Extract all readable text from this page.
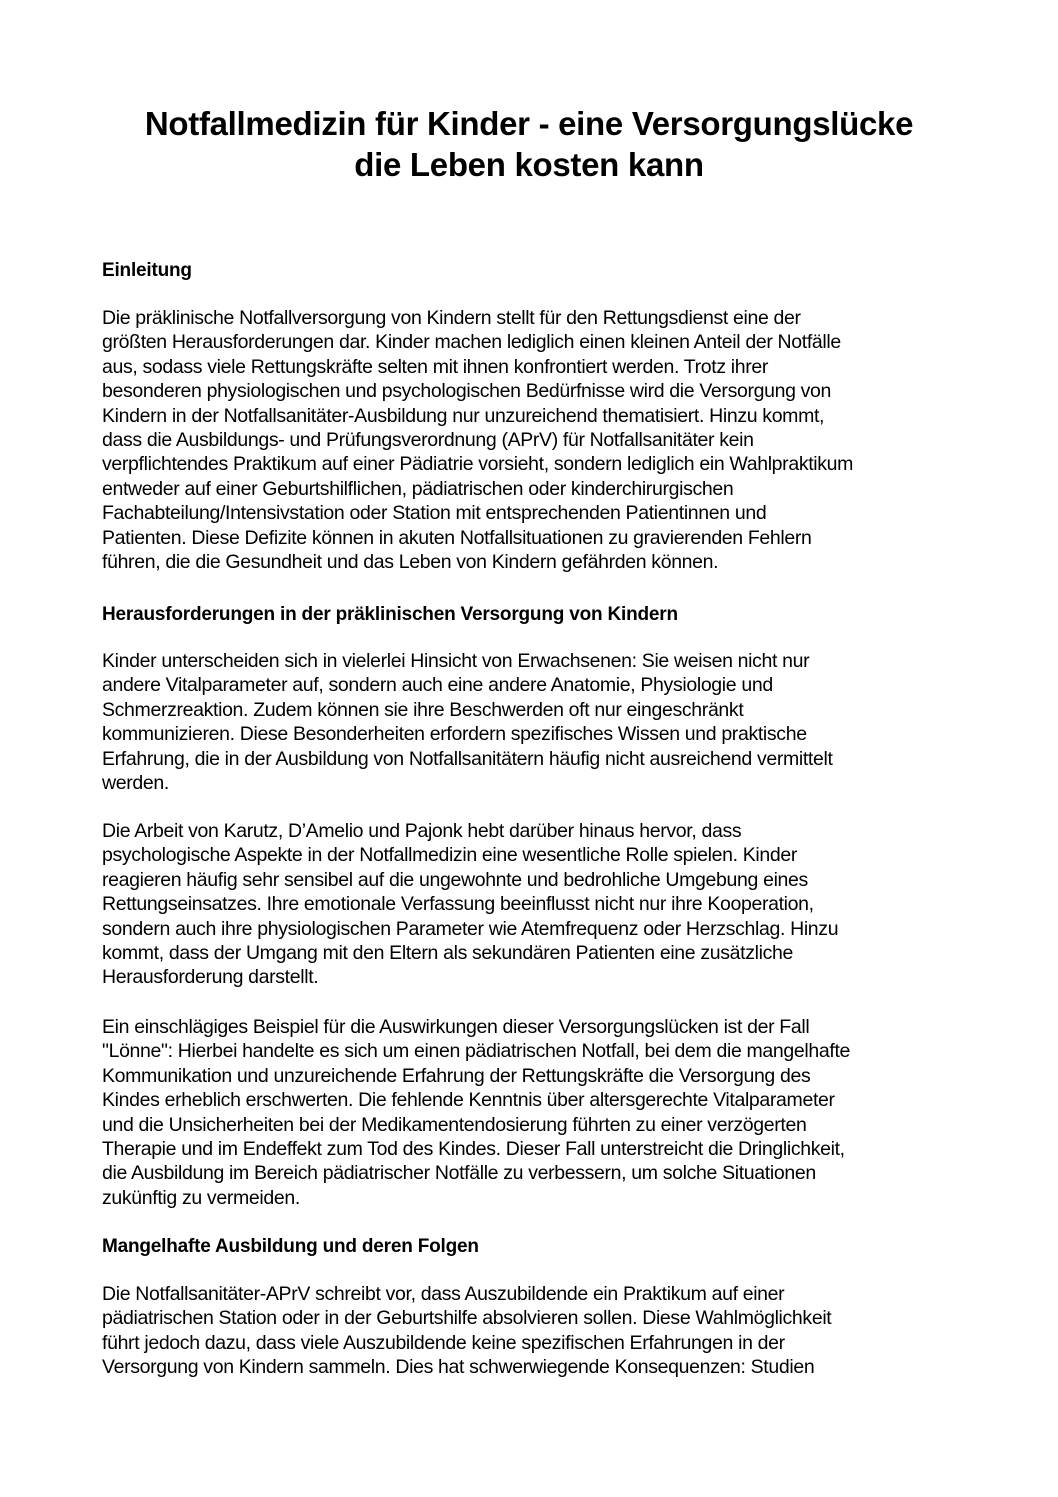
Notfallmedizin für Kinder - eine Versorgungslücke
die Leben kosten kann
Einleitung

Die präklinische Notfallversorgung von Kindern stellt für den Rettungsdienst eine der
größten Herausforderungen dar. Kinder machen lediglich einen kleinen Anteil der Notfälle
aus, sodass viele Rettungskräfte selten mit ihnen konfrontiert werden. Trotz ihrer
besonderen physiologischen und psychologischen Bedürfnisse wird die Versorgung von
Kindern in der Notfallsanitäter-Ausbildung nur unzureichend thematisiert. Hinzu kommt,
dass die Ausbildungs- und Prüfungsverordnung (APrV) für Notfallsanitäter kein
verpflichtendes Praktikum auf einer Pädiatrie vorsieht, sondern lediglich ein Wahlpraktikum
entweder auf einer Geburtshilflichen, pädiatrischen oder kinderchirurgischen
Fachabteilung/Intensivstation oder Station mit entsprechenden Patientinnen und
Patienten. Diese Defizite können in akuten Notfallsituationen zu gravierenden Fehlern
führen, die die Gesundheit und das Leben von Kindern gefährden können.

Herausforderungen in der präklinischen Versorgung von Kindern

Kinder unterscheiden sich in vielerlei Hinsicht von Erwachsenen: Sie weisen nicht nur
andere Vitalparameter auf, sondern auch eine andere Anatomie, Physiologie und
Schmerzreaktion. Zudem können sie ihre Beschwerden oft nur eingeschränkt
kommunizieren. Diese Besonderheiten erfordern spezifisches Wissen und praktische
Erfahrung, die in der Ausbildung von Notfallsanitätern häufig nicht ausreichend vermittelt
werden.

Die Arbeit von Karutz, D’Amelio und Pajonk hebt darüber hinaus hervor, dass
psychologische Aspekte in der Notfallmedizin eine wesentliche Rolle spielen. Kinder
reagieren häufig sehr sensibel auf die ungewohnte und bedrohliche Umgebung eines
Rettungseinsatzes. Ihre emotionale Verfassung beeinflusst nicht nur ihre Kooperation,
sondern auch ihre physiologischen Parameter wie Atemfrequenz oder Herzschlag. Hinzu
kommt, dass der Umgang mit den Eltern als sekundären Patienten eine zusätzliche
Herausforderung darstellt.

Ein einschlägiges Beispiel für die Auswirkungen dieser Versorgungslücken ist der Fall
"Lönne": Hierbei handelte es sich um einen pädiatrischen Notfall, bei dem die mangelhafte
Kommunikation und unzureichende Erfahrung der Rettungskräfte die Versorgung des
Kindes erheblich erschwerten. Die fehlende Kenntnis über altersgerechte Vitalparameter
und die Unsicherheiten bei der Medikamentendosierung führten zu einer verzögerten
Therapie und im Endeffekt zum Tod des Kindes. Dieser Fall unterstreicht die Dringlichkeit,
die Ausbildung im Bereich pädiatrischer Notfälle zu verbessern, um solche Situationen
zukünftig zu vermeiden.

Mangelhafte Ausbildung und deren Folgen

Die Notfallsanitäter-APrV schreibt vor, dass Auszubildende ein Praktikum auf einer
pädiatrischen Station oder in der Geburtshilfe absolvieren sollen. Diese Wahlmöglichkeit
führt jedoch dazu, dass viele Auszubildende keine spezifischen Erfahrungen in der
Versorgung von Kindern sammeln. Dies hat schwerwiegende Konsequenzen: Studien
